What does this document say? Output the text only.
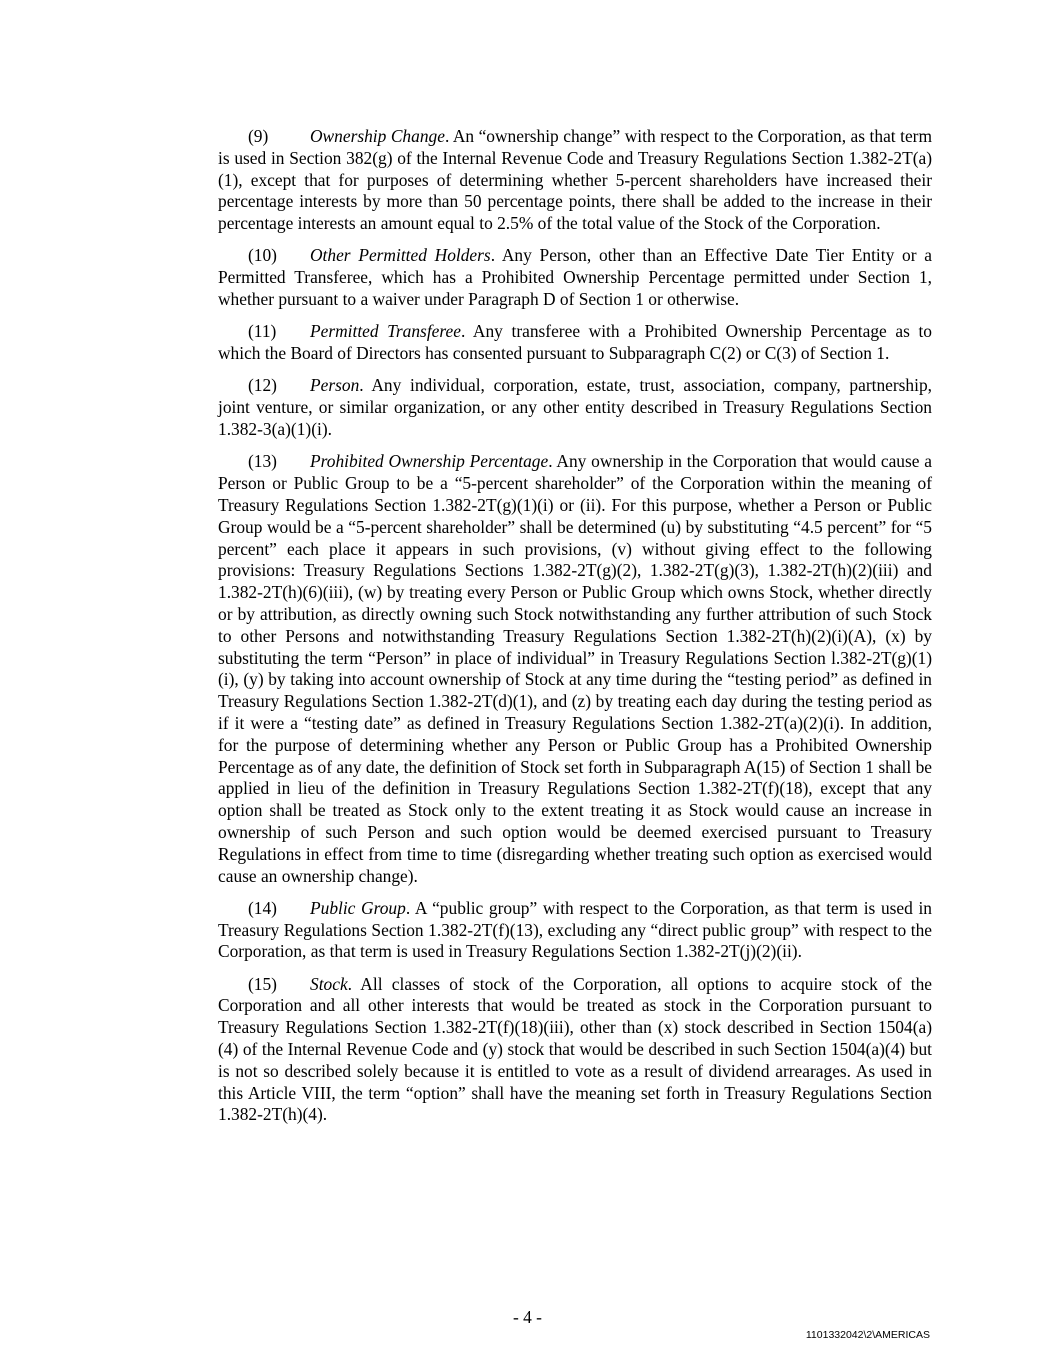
(9) Ownership Change. An “ownership change” with respect to the Corporation, as that term is used in Section 382(g) of the Internal Revenue Code and Treasury Regulations Section 1.382-2T(a)(1), except that for purposes of determining whether 5-percent shareholders have increased their percentage interests by more than 50 percentage points, there shall be added to the increase in their percentage interests an amount equal to 2.5% of the total value of the Stock of the Corporation.

(10) Other Permitted Holders. Any Person, other than an Effective Date Tier Entity or a Permitted Transferee, which has a Prohibited Ownership Percentage permitted under Section 1, whether pursuant to a waiver under Paragraph D of Section 1 or otherwise.

(11) Permitted Transferee. Any transferee with a Prohibited Ownership Percentage as to which the Board of Directors has consented pursuant to Subparagraph C(2) or C(3) of Section 1.

(12) Person. Any individual, corporation, estate, trust, association, company, partnership, joint venture, or similar organization, or any other entity described in Treasury Regulations Section 1.382-3(a)(1)(i).

(13) Prohibited Ownership Percentage. Any ownership in the Corporation that would cause a Person or Public Group to be a “5-percent shareholder” of the Corporation within the meaning of Treasury Regulations Section 1.382-2T(g)(1)(i) or (ii). For this purpose, whether a Person or Public Group would be a “5-percent shareholder” shall be determined (u) by substituting “4.5 percent” for “5 percent” each place it appears in such provisions, (v) without giving effect to the following provisions: Treasury Regulations Sections 1.382-2T(g)(2), 1.382-2T(g)(3), 1.382-2T(h)(2)(iii) and 1.382-2T(h)(6)(iii), (w) by treating every Person or Public Group which owns Stock, whether directly or by attribution, as directly owning such Stock notwithstanding any further attribution of such Stock to other Persons and notwithstanding Treasury Regulations Section 1.382-2T(h)(2)(i)(A), (x) by substituting the term “Person” in place of individual” in Treasury Regulations Section l.382-2T(g)(1)(i), (y) by taking into account ownership of Stock at any time during the “testing period” as defined in Treasury Regulations Section 1.382-2T(d)(1), and (z) by treating each day during the testing period as if it were a “testing date” as defined in Treasury Regulations Section 1.382-2T(a)(2)(i). In addition, for the purpose of determining whether any Person or Public Group has a Prohibited Ownership Percentage as of any date, the definition of Stock set forth in Subparagraph A(15) of Section 1 shall be applied in lieu of the definition in Treasury Regulations Section 1.382-2T(f)(18), except that any option shall be treated as Stock only to the extent treating it as Stock would cause an increase in ownership of such Person and such option would be deemed exercised pursuant to Treasury Regulations in effect from time to time (disregarding whether treating such option as exercised would cause an ownership change).

(14) Public Group. A “public group” with respect to the Corporation, as that term is used in Treasury Regulations Section 1.382-2T(f)(13), excluding any “direct public group” with respect to the Corporation, as that term is used in Treasury Regulations Section 1.382-2T(j)(2)(ii).

(15) Stock. All classes of stock of the Corporation, all options to acquire stock of the Corporation and all other interests that would be treated as stock in the Corporation pursuant to Treasury Regulations Section 1.382-2T(f)(18)(iii), other than (x) stock described in Section 1504(a)(4) of the Internal Revenue Code and (y) stock that would be described in such Section 1504(a)(4) but is not so described solely because it is entitled to vote as a result of dividend arrearages. As used in this Article VIII, the term “option” shall have the meaning set forth in Treasury Regulations Section 1.382-2T(h)(4).

- 4 -
1101332042\2\AMERICAS
